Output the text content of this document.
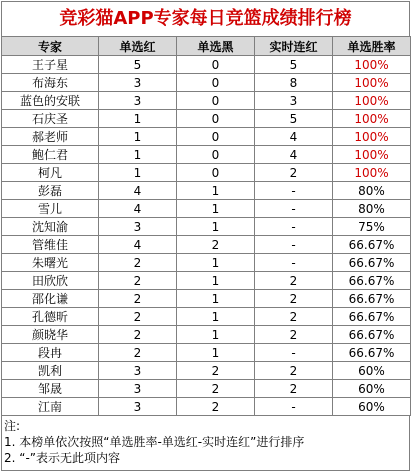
竞彩猫APP专家每日竞篮成绩排行榜
专家	单选红	单选黑	实时连红	单选胜率
王子星	5	0	5	100%
布海东	3	0	8	100%
蓝色的安联	3	0	3	100%
石庆圣	1	0	5	100%
郝老师	1	0	4	100%
鲍仁君	1	0	4	100%
柯凡	1	0	2	100%
彭磊	4	1	-	80%
雪儿	4	1	-	80%
沈知渝	3	1	-	75%
管维佳	4	2	-	66.67%
朱曙光	2	1	-	66.67%
田欣欣	2	1	2	66.67%
邵化谦	2	1	2	66.67%
孔德昕	2	1	2	66.67%
颜晓华	2	1	2	66.67%
段冉	2	1	-	66.67%
凯利	3	2	2	60%
邹晟	3	2	2	60%
江南	3	2	-	60%
注:
1. 本榜单依次按照“单选胜率-单选红-实时连红”进行排序
2. “-”表示无此项内容
